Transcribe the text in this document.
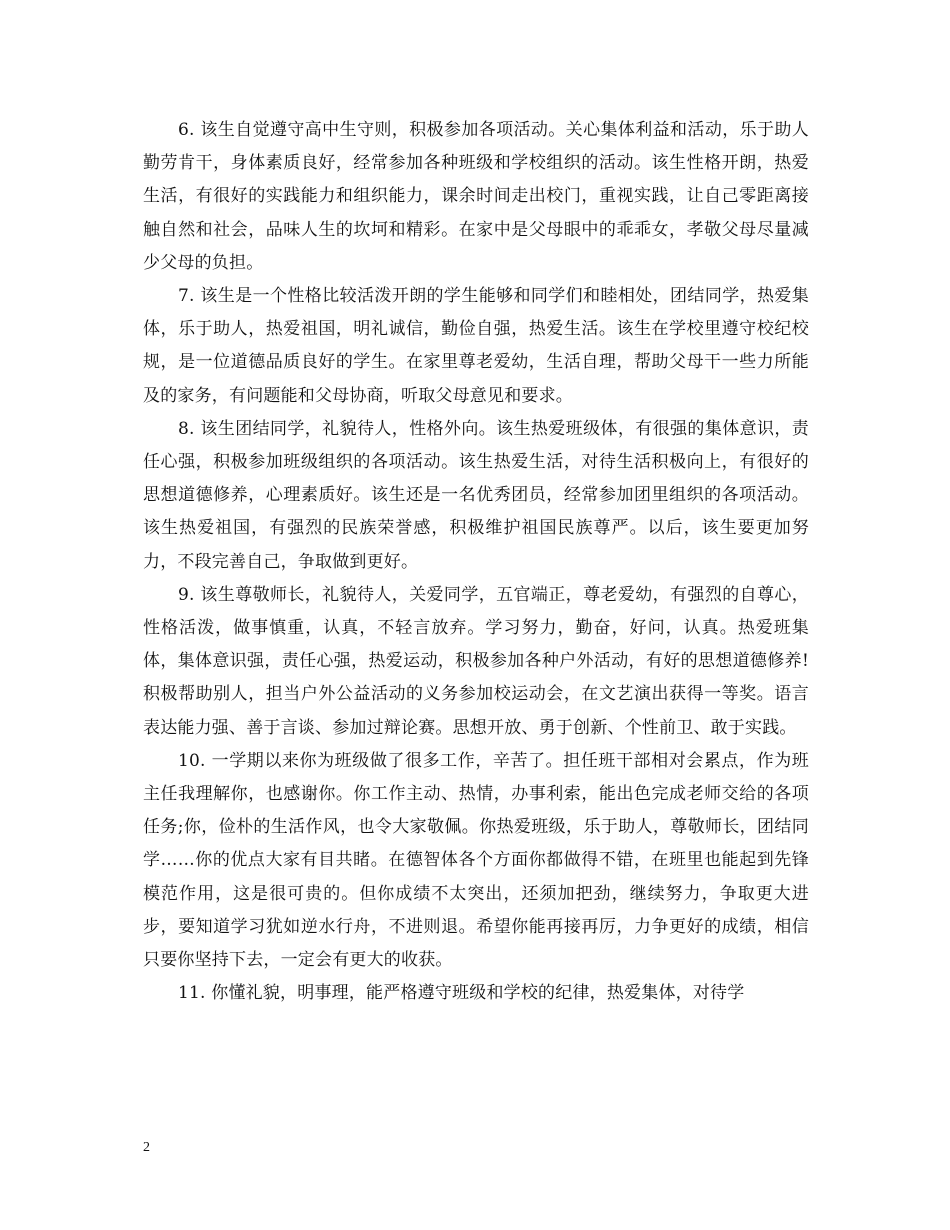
6. 该生自觉遵守高中生守则，积极参加各项活动。关心集体利益和活动，乐于助人勤劳肯干，身体素质良好，经常参加各种班级和学校组织的活动。该生性格开朗，热爱生活，有很好的实践能力和组织能力，课余时间走出校门，重视实践，让自己零距离接触自然和社会，品味人生的坎坷和精彩。在家中是父母眼中的乖乖女，孝敬父母尽量减少父母的负担。

7. 该生是一个性格比较活泼开朗的学生能够和同学们和睦相处，团结同学，热爱集体，乐于助人，热爱祖国，明礼诚信，勤俭自强，热爱生活。该生在学校里遵守校纪校规，是一位道德品质良好的学生。在家里尊老爱幼，生活自理，帮助父母干一些力所能及的家务，有问题能和父母协商，听取父母意见和要求。

8. 该生团结同学，礼貌待人，性格外向。该生热爱班级体，有很强的集体意识，责任心强，积极参加班级组织的各项活动。该生热爱生活，对待生活积极向上，有很好的思想道德修养，心理素质好。该生还是一名优秀团员，经常参加团里组织的各项活动。该生热爱祖国，有强烈的民族荣誉感，积极维护祖国民族尊严。以后，该生要更加努力，不段完善自己，争取做到更好。

9. 该生尊敬师长，礼貌待人，关爱同学，五官端正，尊老爱幼，有强烈的自尊心，性格活泼，做事慎重，认真，不轻言放弃。学习努力，勤奋，好问，认真。热爱班集体，集体意识强，责任心强，热爱运动，积极参加各种户外活动，有好的思想道德修养!积极帮助别人，担当户外公益活动的义务参加校运动会，在文艺演出获得一等奖。语言表达能力强、善于言谈、参加过辩论赛。思想开放、勇于创新、个性前卫、敢于实践。

10. 一学期以来你为班级做了很多工作，辛苦了。担任班干部相对会累点，作为班主任我理解你，也感谢你。你工作主动、热情，办事利索，能出色完成老师交给的各项任务;你，俭朴的生活作风，也令大家敬佩。你热爱班级，乐于助人，尊敬师长，团结同学……你的优点大家有目共睹。在德智体各个方面你都做得不错，在班里也能起到先锋模范作用，这是很可贵的。但你成绩不太突出，还须加把劲，继续努力，争取更大进步，要知道学习犹如逆水行舟，不进则退。希望你能再接再厉，力争更好的成绩，相信只要你坚持下去，一定会有更大的收获。

11. 你懂礼貌，明事理，能严格遵守班级和学校的纪律，热爱集体，对待学

2
